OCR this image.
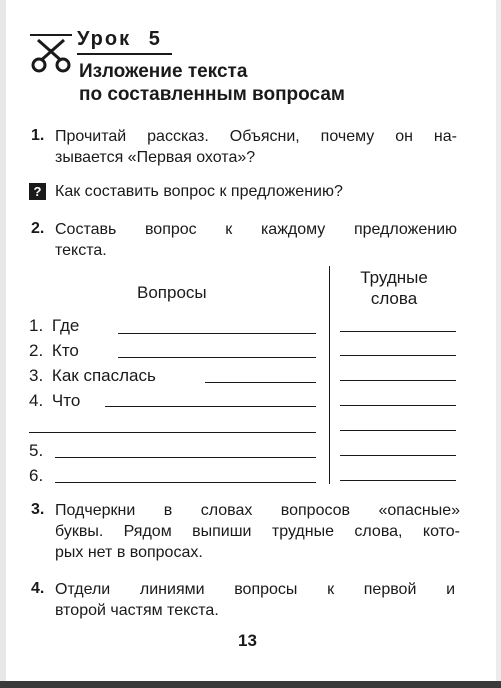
Урок 5
Изложение текста
по составленным вопросам
1. Прочитай рассказ. Объясни, почему он на-
зывается «Первая охота»?
? Как составить вопрос к предложению?
2. Составь вопрос к каждому предложению
текста.
Вопросы
Трудные
слова
1. Где
2. Кто
3. Как спаслась
4. Что
5.
6.
3. Подчеркни в словах вопросов «опасные»
буквы. Рядом выпиши трудные слова, кото-
рых нет в вопросах.
4. Отдели линиями вопросы к первой и
второй частям текста.
13
